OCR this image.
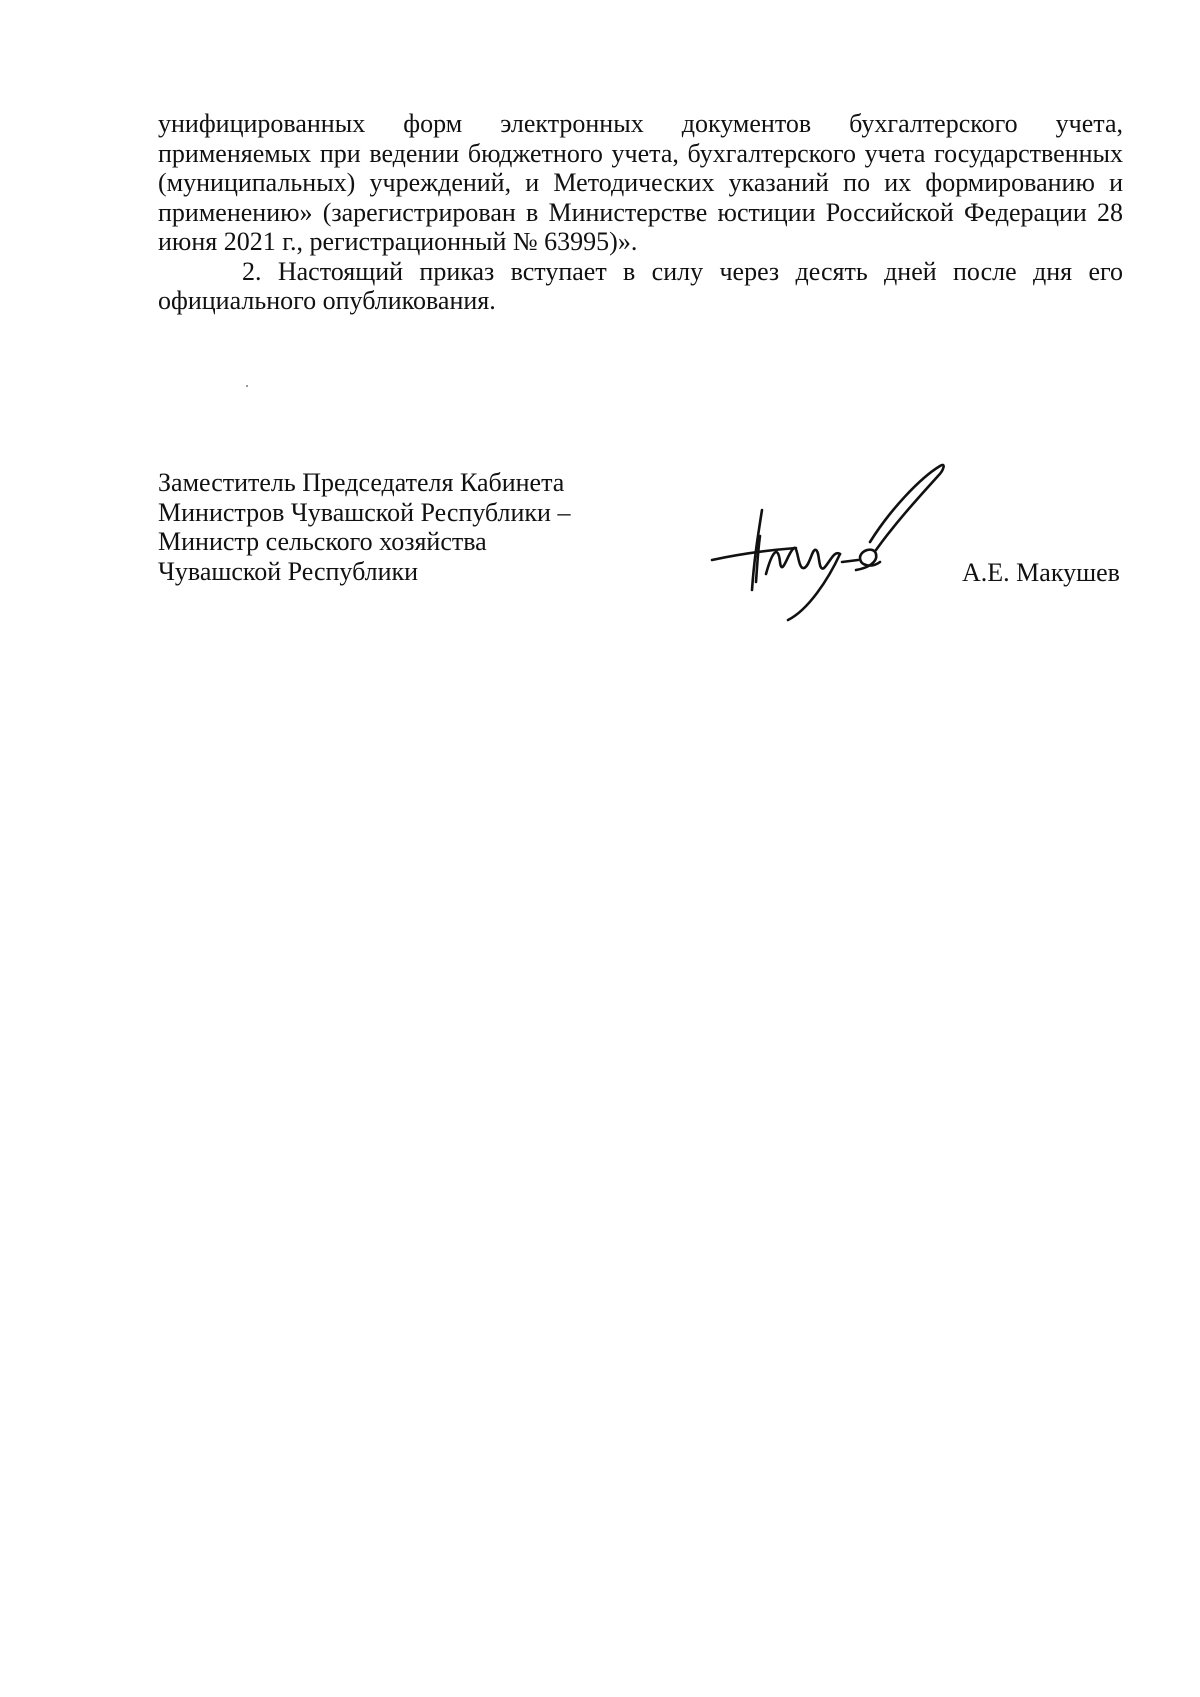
унифицированных форм электронных документов бухгалтерского учета, применяемых при ведении бюджетного учета, бухгалтерского учета государственных (муниципальных) учреждений, и Методических указаний по их формированию и применению» (зарегистрирован в Министерстве юстиции Российской Федерации 28 июня 2021 г., регистрационный № 63995)».

2. Настоящий приказ вступает в силу через десять дней после дня его официального опубликования.

Заместитель Председателя Кабинета
Министров Чувашской Республики –
Министр сельского хозяйства
Чувашской Республики	А.Е. Макушев
